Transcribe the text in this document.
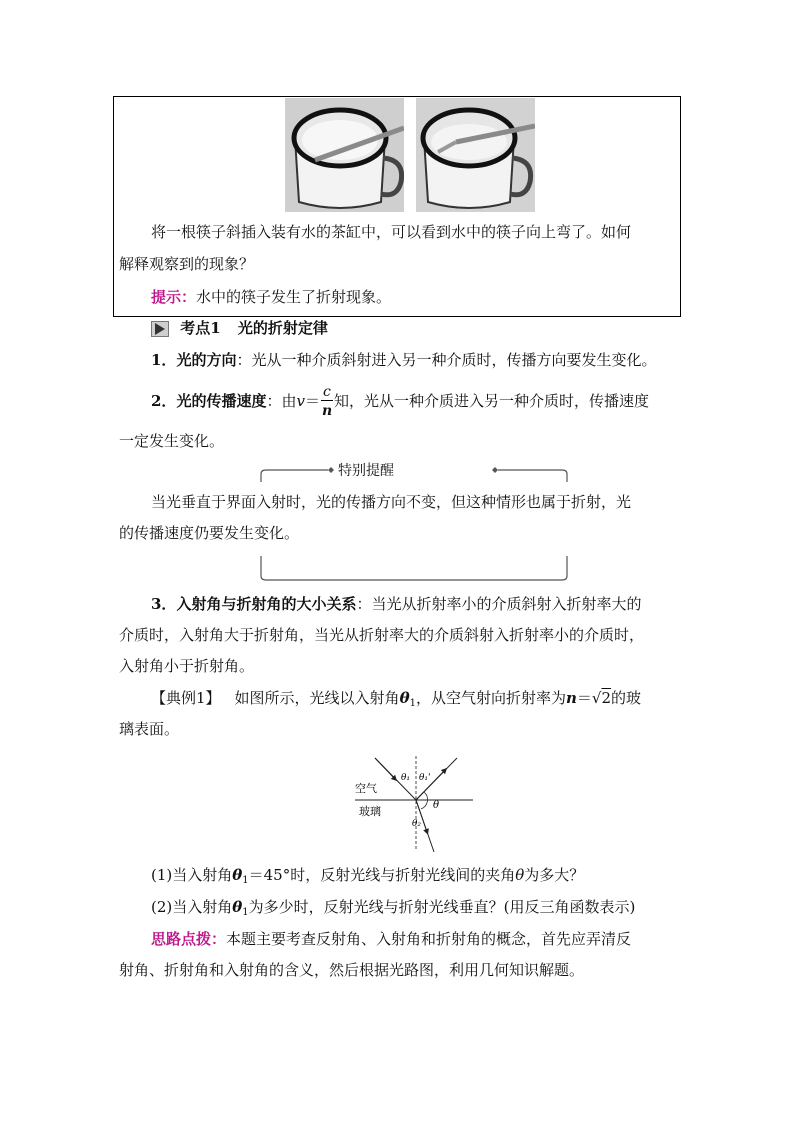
将一根筷子斜插入装有水的茶缸中，可以看到水中的筷子向上弯了。如何
解释观察到的现象？
提示：水中的筷子发生了折射现象。
考点1 光的折射定律
1．光的方向：光从一种介质斜射进入另一种介质时，传播方向要发生变化。
2．光的传播速度：由$v= \frac{c}{n}$ 知，光从一种介质进入另一种介质时，传播速度
一定发生变化。
特别提醒
当光垂直于界面入射时，光的传播方向不变，但这种情形也属于折射，光
的传播速度仍要发生变化。
3．入射角与折射角的大小关系：当光从折射率小的介质斜射入折射率大的
介质时，入射角大于折射角，当光从折射率大的介质斜射入折射率小的介质时，
入射角小于折射角。
【典例1】 如图所示，光线以入射角$\theta_1$，从空气射向折射率为n＝√2的玻
璃表面。
空气
玻璃
θ₁ θ₁'
θ
θ₂
(1)当入射角$\theta_1=45^\circ$时，反射光线与折射光线间的夹角θ为多大？
(2)当入射角$\theta_1$为多少时，反射光线与折射光线垂直？(用反三角函数表示)
思路点拨：本题主要考查反射角、入射角和折射角的概念，首先应弄清反
射角、折射角和入射角的含义，然后根据光路图，利用几何知识解题。
